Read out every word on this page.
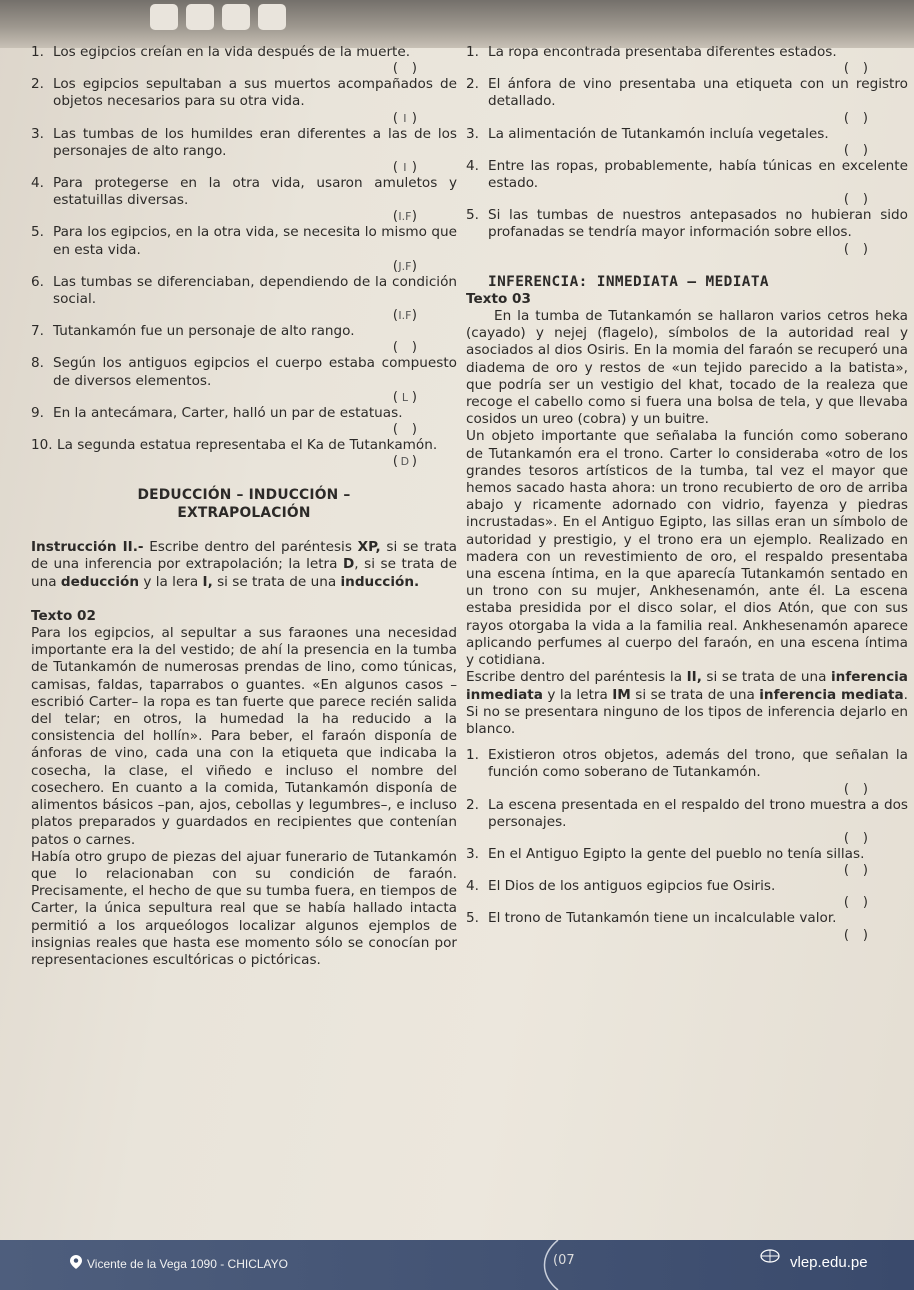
1. Los egipcios creían en la vida después de la muerte.
( )
2. Los egipcios sepultaban a sus muertos acompañados de objetos necesarios para su otra vida.
( I )
3. Las tumbas de los humildes eran diferentes a las de los personajes de alto rango.
( I )
4. Para protegerse en la otra vida, usaron amuletos y estatuillas diversas.
(I.F)
5. Para los egipcios, en la otra vida, se necesita lo mismo que en esta vida.
(J.F)
6. Las tumbas se diferenciaban, dependiendo de la condición social.
(I.F)
7. Tutankamón fue un personaje de alto rango.
( )
8. Según los antiguos egipcios el cuerpo estaba compuesto de diversos elementos.
( L )
9. En la antecámara, Carter, halló un par de estatuas.
( )
10. La segunda estatua representaba el Ka de Tutankamón.
( D )
DEDUCCIÓN – INDUCCIÓN –
EXTRAPOLACIÓN
Instrucción II.- Escribe dentro del paréntesis XP, si se trata de una inferencia por extrapolación; la letra D, si se trata de una deducción y la lera I, si se trata de una inducción.
Texto 02
Para los egipcios, al sepultar a sus faraones una necesidad importante era la del vestido; de ahí la presencia en la tumba de Tutankamón de numerosas prendas de lino, como túnicas, camisas, faldas, taparrabos o guantes. «En algunos casos –escribió Carter– la ropa es tan fuerte que parece recién salida del telar; en otros, la humedad la ha reducido a la consistencia del hollín». Para beber, el faraón disponía de ánforas de vino, cada una con la etiqueta que indicaba la cosecha, la clase, el viñedo e incluso el nombre del cosechero. En cuanto a la comida, Tutankamón disponía de alimentos básicos –pan, ajos, cebollas y legumbres–, e incluso platos preparados y guardados en recipientes que contenían patos o carnes.
Había otro grupo de piezas del ajuar funerario de Tutankamón que lo relacionaban con su condición de faraón. Precisamente, el hecho de que su tumba fuera, en tiempos de Carter, la única sepultura real que se había hallado intacta permitió a los arqueólogos localizar algunos ejemplos de insignias reales que hasta ese momento sólo se conocían por representaciones escultóricas o pictóricas.
1. La ropa encontrada presentaba diferentes estados.
( )
2. El ánfora de vino presentaba una etiqueta con un registro detallado.
( )
3. La alimentación de Tutankamón incluía vegetales.
( )
4. Entre las ropas, probablemente, había túnicas en excelente estado.
( )
5. Si las tumbas de nuestros antepasados no hubieran sido profanadas se tendría mayor información sobre ellos.
( )
INFERENCIA: INMEDIATA – MEDIATA
Texto 03
En la tumba de Tutankamón se hallaron varios cetros heka (cayado) y nejej (flagelo), símbolos de la autoridad real y asociados al dios Osiris. En la momia del faraón se recuperó una diadema de oro y restos de «un tejido parecido a la batista», que podría ser un vestigio del khat, tocado de la realeza que recoge el cabello como si fuera una bolsa de tela, y que llevaba cosidos un ureo (cobra) y un buitre.
Un objeto importante que señalaba la función como soberano de Tutankamón era el trono. Carter lo consideraba «otro de los grandes tesoros artísticos de la tumba, tal vez el mayor que hemos sacado hasta ahora: un trono recubierto de oro de arriba abajo y ricamente adornado con vidrio, fayenza y piedras incrustadas». En el Antiguo Egipto, las sillas eran un símbolo de autoridad y prestigio, y el trono era un ejemplo. Realizado en madera con un revestimiento de oro, el respaldo presentaba una escena íntima, en la que aparecía Tutankamón sentado en un trono con su mujer, Ankhesenamón, ante él. La escena estaba presidida por el disco solar, el dios Atón, que con sus rayos otorgaba la vida a la familia real. Ankhesenamón aparece aplicando perfumes al cuerpo del faraón, en una escena íntima y cotidiana.
Escribe dentro del paréntesis la II, si se trata de una inferencia inmediata y la letra IM si se trata de una inferencia mediata. Si no se presentara ninguno de los tipos de inferencia dejarlo en blanco.
1. Existieron otros objetos, además del trono, que señalan la función como soberano de Tutankamón.
( )
2. La escena presentada en el respaldo del trono muestra a dos personajes.
( )
3. En el Antiguo Egipto la gente del pueblo no tenía sillas.
( )
4. El Dios de los antiguos egipcios fue Osiris.
( )
5. El trono de Tutankamón tiene un incalculable valor.
( )
Vicente de la Vega 1090 - CHICLAYO	(07	vlep.edu.pe
